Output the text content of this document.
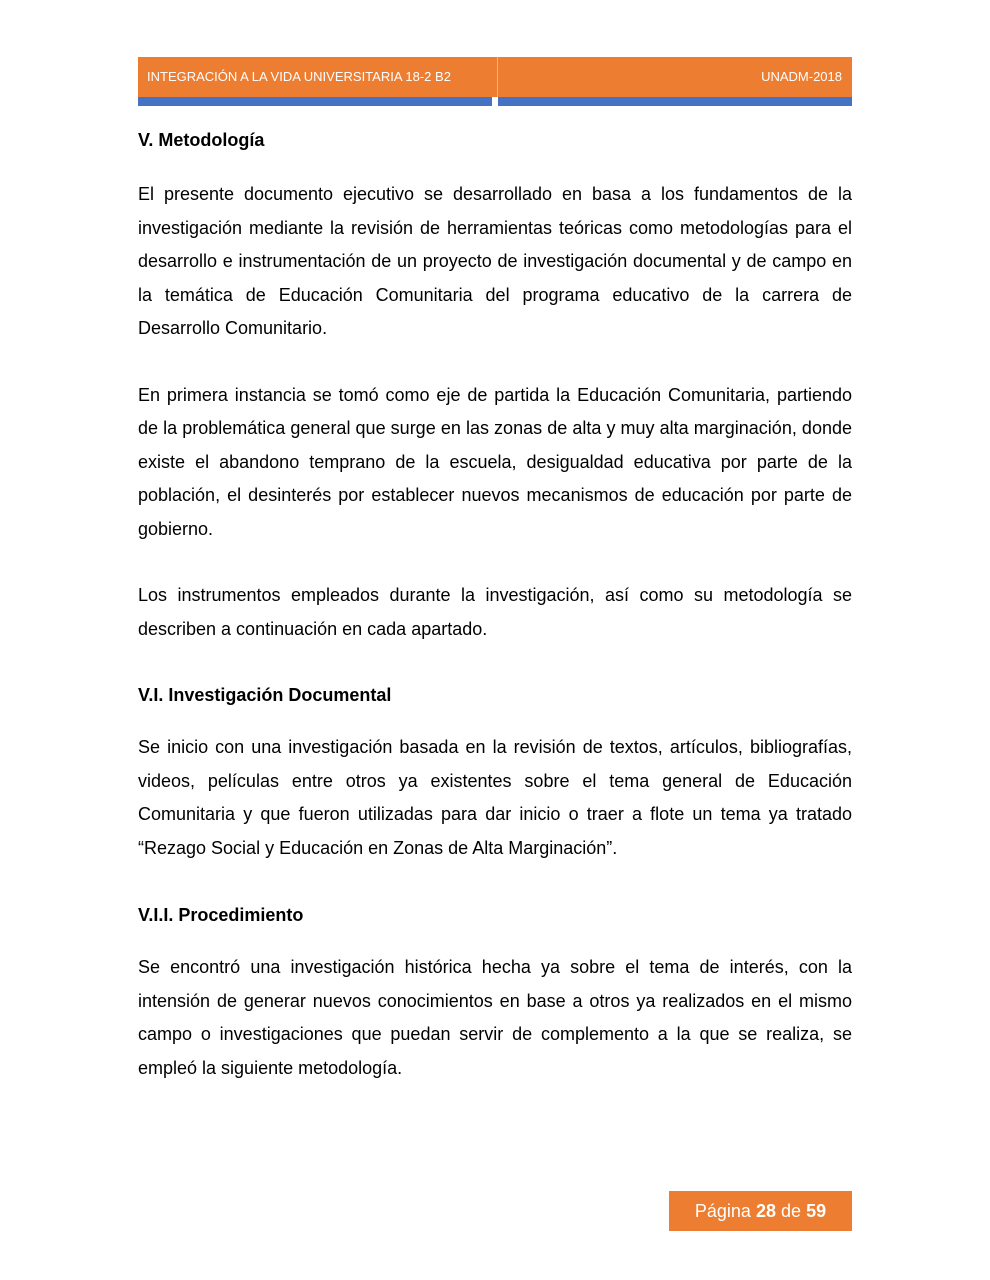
INTEGRACIÓN A LA VIDA UNIVERSITARIA 18-2 B2	UNADM-2018
V. Metodología

El presente documento ejecutivo se desarrollado en basa a los fundamentos de la investigación mediante la revisión de herramientas teóricas como metodologías para el desarrollo e instrumentación de un proyecto de investigación documental y de campo en la temática de Educación Comunitaria del programa educativo de la carrera de Desarrollo Comunitario.

En primera instancia se tomó como eje de partida la Educación Comunitaria, partiendo de la problemática general que surge en las zonas de alta y muy alta marginación, donde existe el abandono temprano de la escuela, desigualdad educativa por parte de la población, el desinterés por establecer nuevos mecanismos de educación por parte de gobierno.

Los instrumentos empleados durante la investigación, así como su metodología se describen a continuación en cada apartado.

V.I. Investigación Documental

Se inicio con una investigación basada en la revisión de textos, artículos, bibliografías, videos, películas entre otros ya existentes sobre el tema general de Educación Comunitaria y que fueron utilizadas para dar inicio o traer a flote un tema ya tratado “Rezago Social y Educación en Zonas de Alta Marginación”.

V.I.I. Procedimiento

Se encontró una investigación histórica hecha ya sobre el tema de interés, con la intensión de generar nuevos conocimientos en base a otros ya realizados en el mismo campo o investigaciones que puedan servir de complemento a la que se realiza, se empleó la siguiente metodología.

Página 28 de 59
